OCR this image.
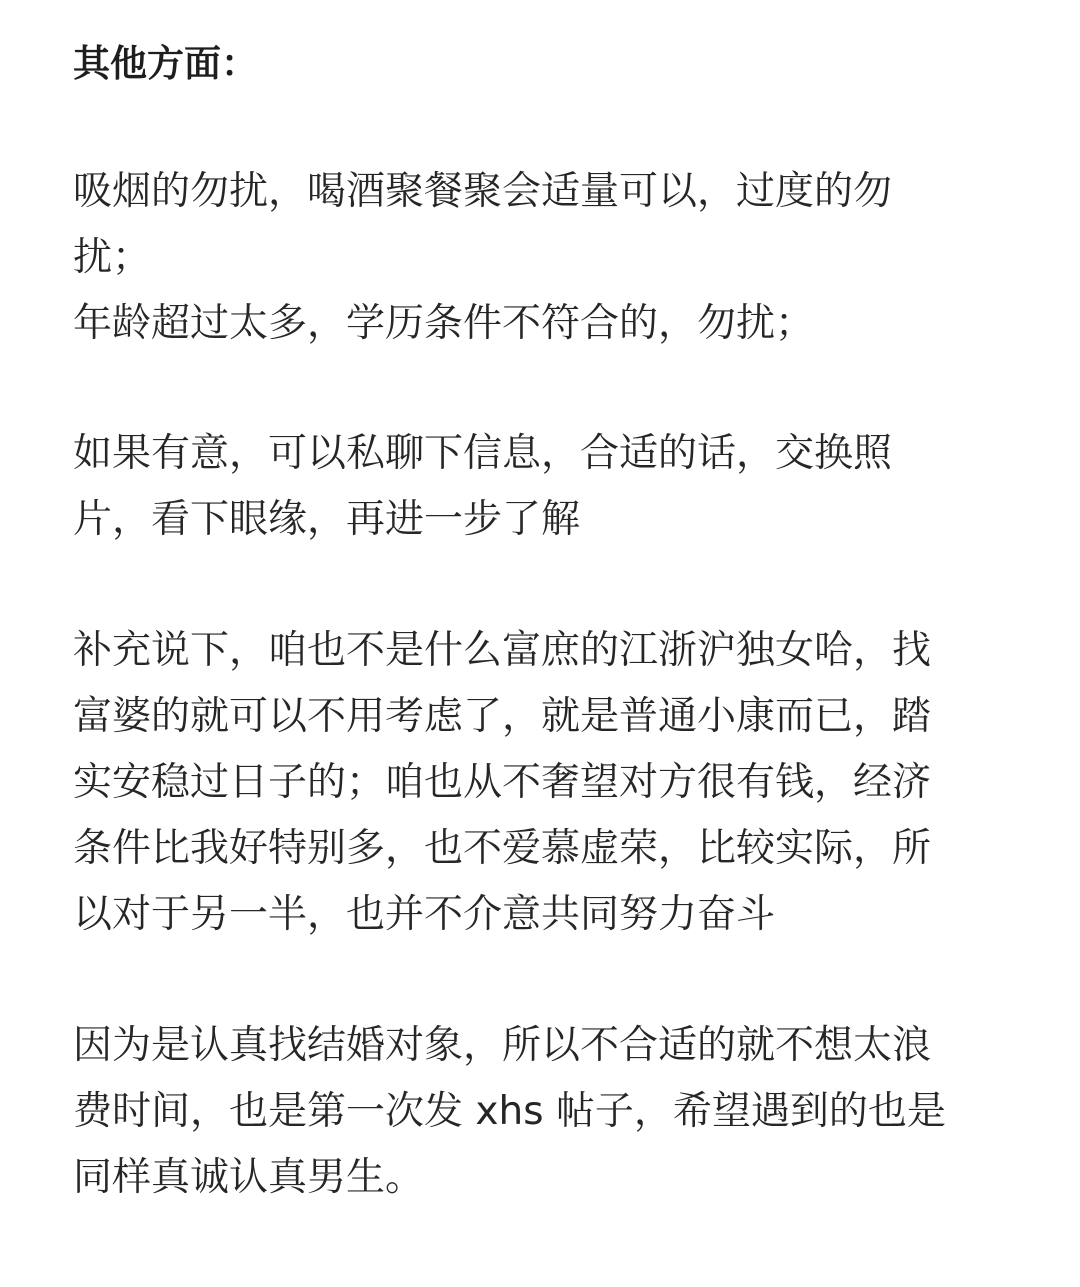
其他方面：
吸烟的勿扰，喝酒聚餐聚会适量可以，过度的勿
扰；
年龄超过太多，学历条件不符合的，勿扰；
如果有意，可以私聊下信息，合适的话，交换照
片，看下眼缘，再进一步了解
补充说下，咱也不是什么富庶的江浙沪独女哈，找
富婆的就可以不用考虑了，就是普通小康而已，踏
实安稳过日子的；咱也从不奢望对方很有钱，经济
条件比我好特别多，也不爱慕虚荣，比较实际，所
以对于另一半，也并不介意共同努力奋斗
因为是认真找结婚对象，所以不合适的就不想太浪
费时间，也是第一次发 xhs 帖子，希望遇到的也是
同样真诚认真男生。
